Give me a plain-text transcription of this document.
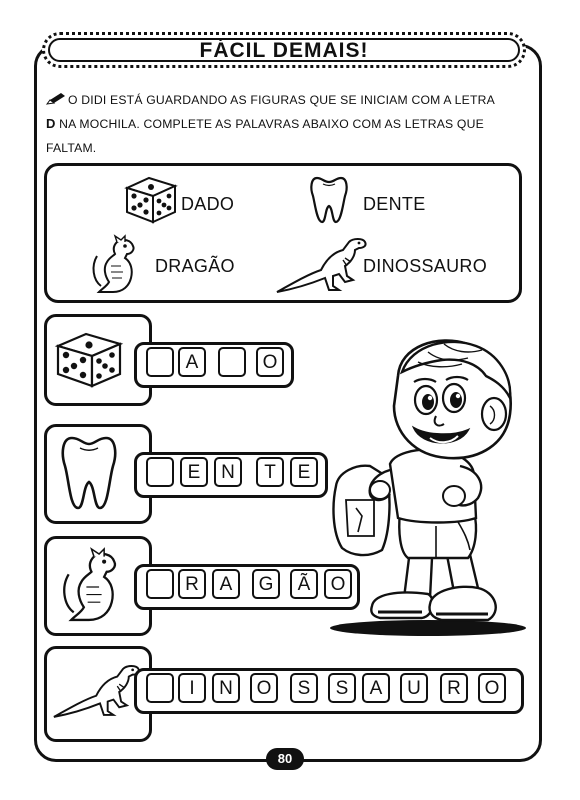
FÁCIL DEMAIS!
O DIDI ESTÁ GUARDANDO AS FIGURAS QUE SE INICIAM COM A LETRA
D NA MOCHILA. COMPLETE AS PALAVRAS ABAIXO COM AS LETRAS QUE
FALTAM.
DADO	DENTE
DRAGÃO	DINOSSAURO
A	O
E	N	T	E
R	A	G	Ã	O
I	N	O	S	S	A	U	R	O
80
